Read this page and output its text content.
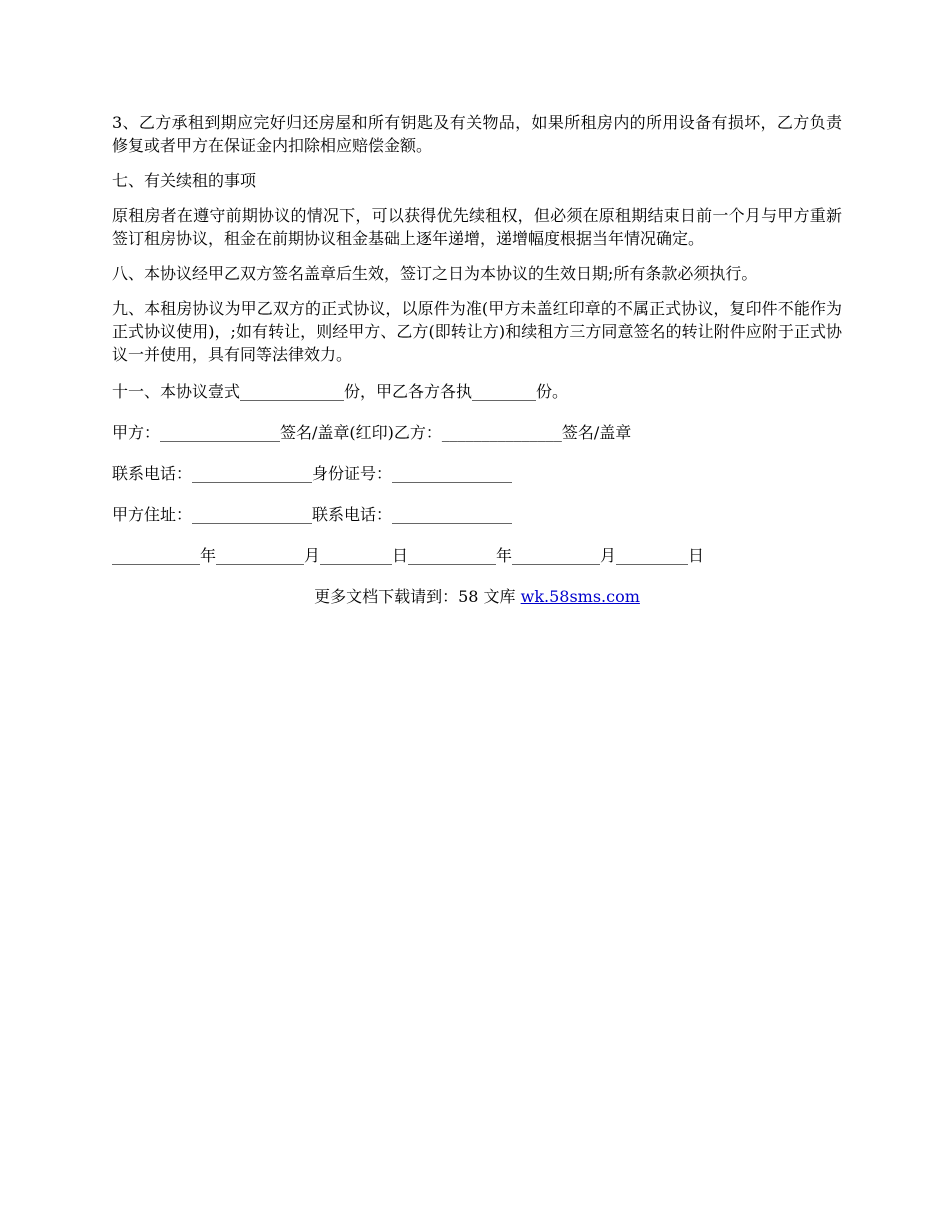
3、乙方承租到期应完好归还房屋和所有钥匙及有关物品，如果所租房内的所用设备有损坏，乙方负责修复或者甲方在保证金内扣除相应赔偿金额。

七、有关续租的事项

原租房者在遵守前期协议的情况下，可以获得优先续租权，但必须在原租期结束日前一个月与甲方重新签订租房协议，租金在前期协议租金基础上逐年递增，递增幅度根据当年情况确定。

八、本协议经甲乙双方签名盖章后生效，签订之日为本协议的生效日期;所有条款必须执行。

九、本租房协议为甲乙双方的正式协议，以原件为准(甲方未盖红印章的不属正式协议，复印件不能作为正式协议使用)，;如有转让，则经甲方、乙方(即转让方)和续租方三方同意签名的转让附件应附于正式协议一并使用，具有同等法律效力。

十一、本协议壹式_____________份，甲乙各方各执________份。
甲方：_______________签名/盖章(红印)乙方：_______________签名/盖章
联系电话：_______________身份证号：_______________
甲方住址：_______________联系电话：_______________
___________年___________月_________日___________年___________月_________日
更多文档下载请到：58 文库 wk.58sms.com
